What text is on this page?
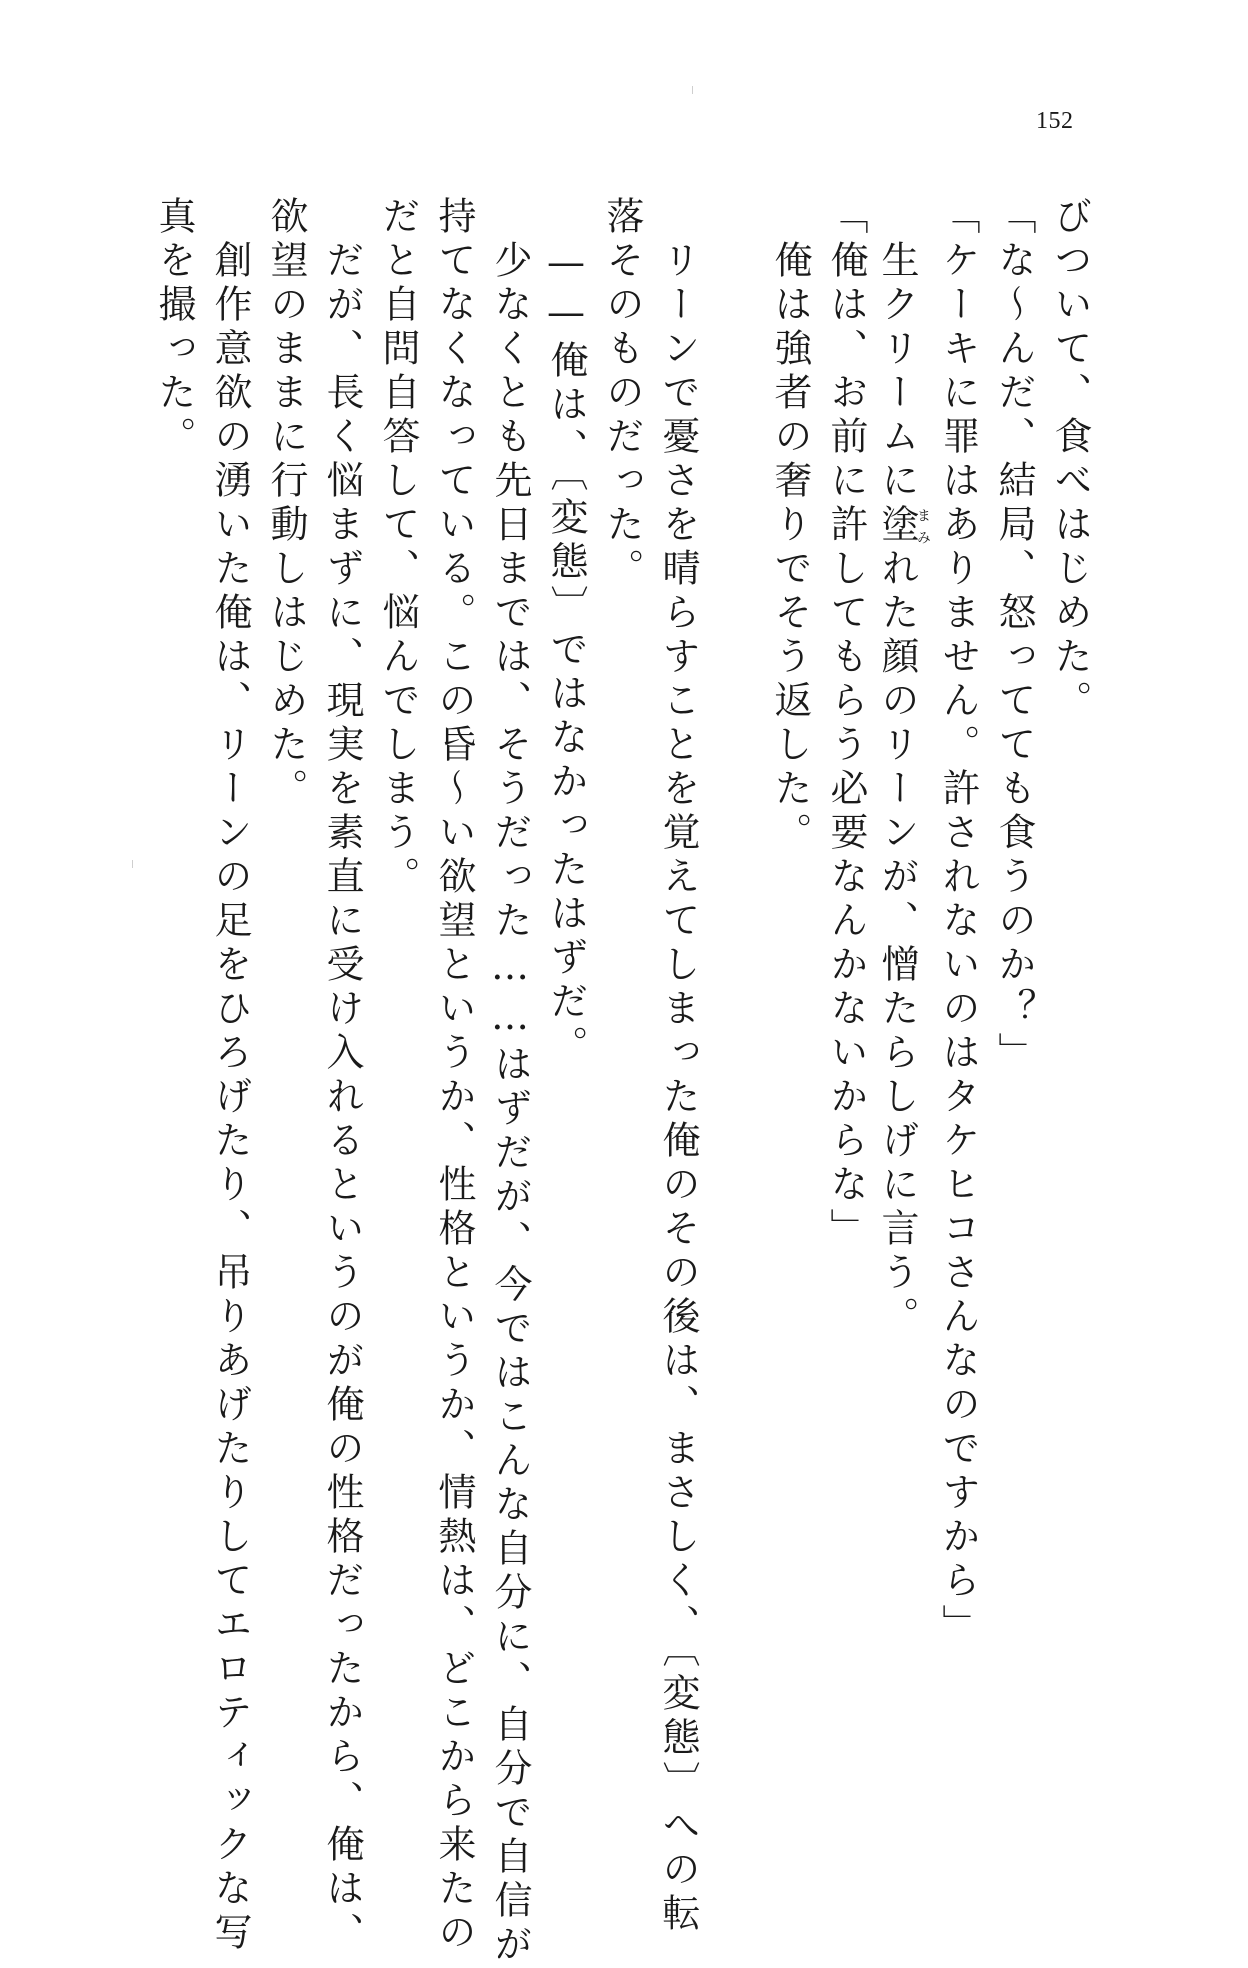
152
びついて、食べはじめた。
「な〜んだ、結局、怒ってても食うのか？」
「ケーキに罪はありません。許されないのはタケヒコさんなのですから」
生クリームに塗まみれた顔のリーンが、憎たらしげに言う。
「俺は、お前に許してもらう必要なんかないからな」
俺は強者の奢りでそう返した。
リーンで憂さを晴らすことを覚えてしまった俺のその後は、まさしく、〔変態〕への転
落そのものだった。
——俺は、〔変態〕ではなかったはずだ。
少なくとも先日までは、そうだった……はずだが、今ではこんな自分に、自分で自信が
持てなくなっている。この昏〜い欲望というか、性格というか、情熱は、どこから来たの
だと自問自答して、悩んでしまう。
だが、長く悩まずに、現実を素直に受け入れるというのが俺の性格だったから、俺は、
欲望のままに行動しはじめた。
創作意欲の湧いた俺は、リーンの足をひろげたり、吊りあげたりしてエロティックな写
真を撮った。
